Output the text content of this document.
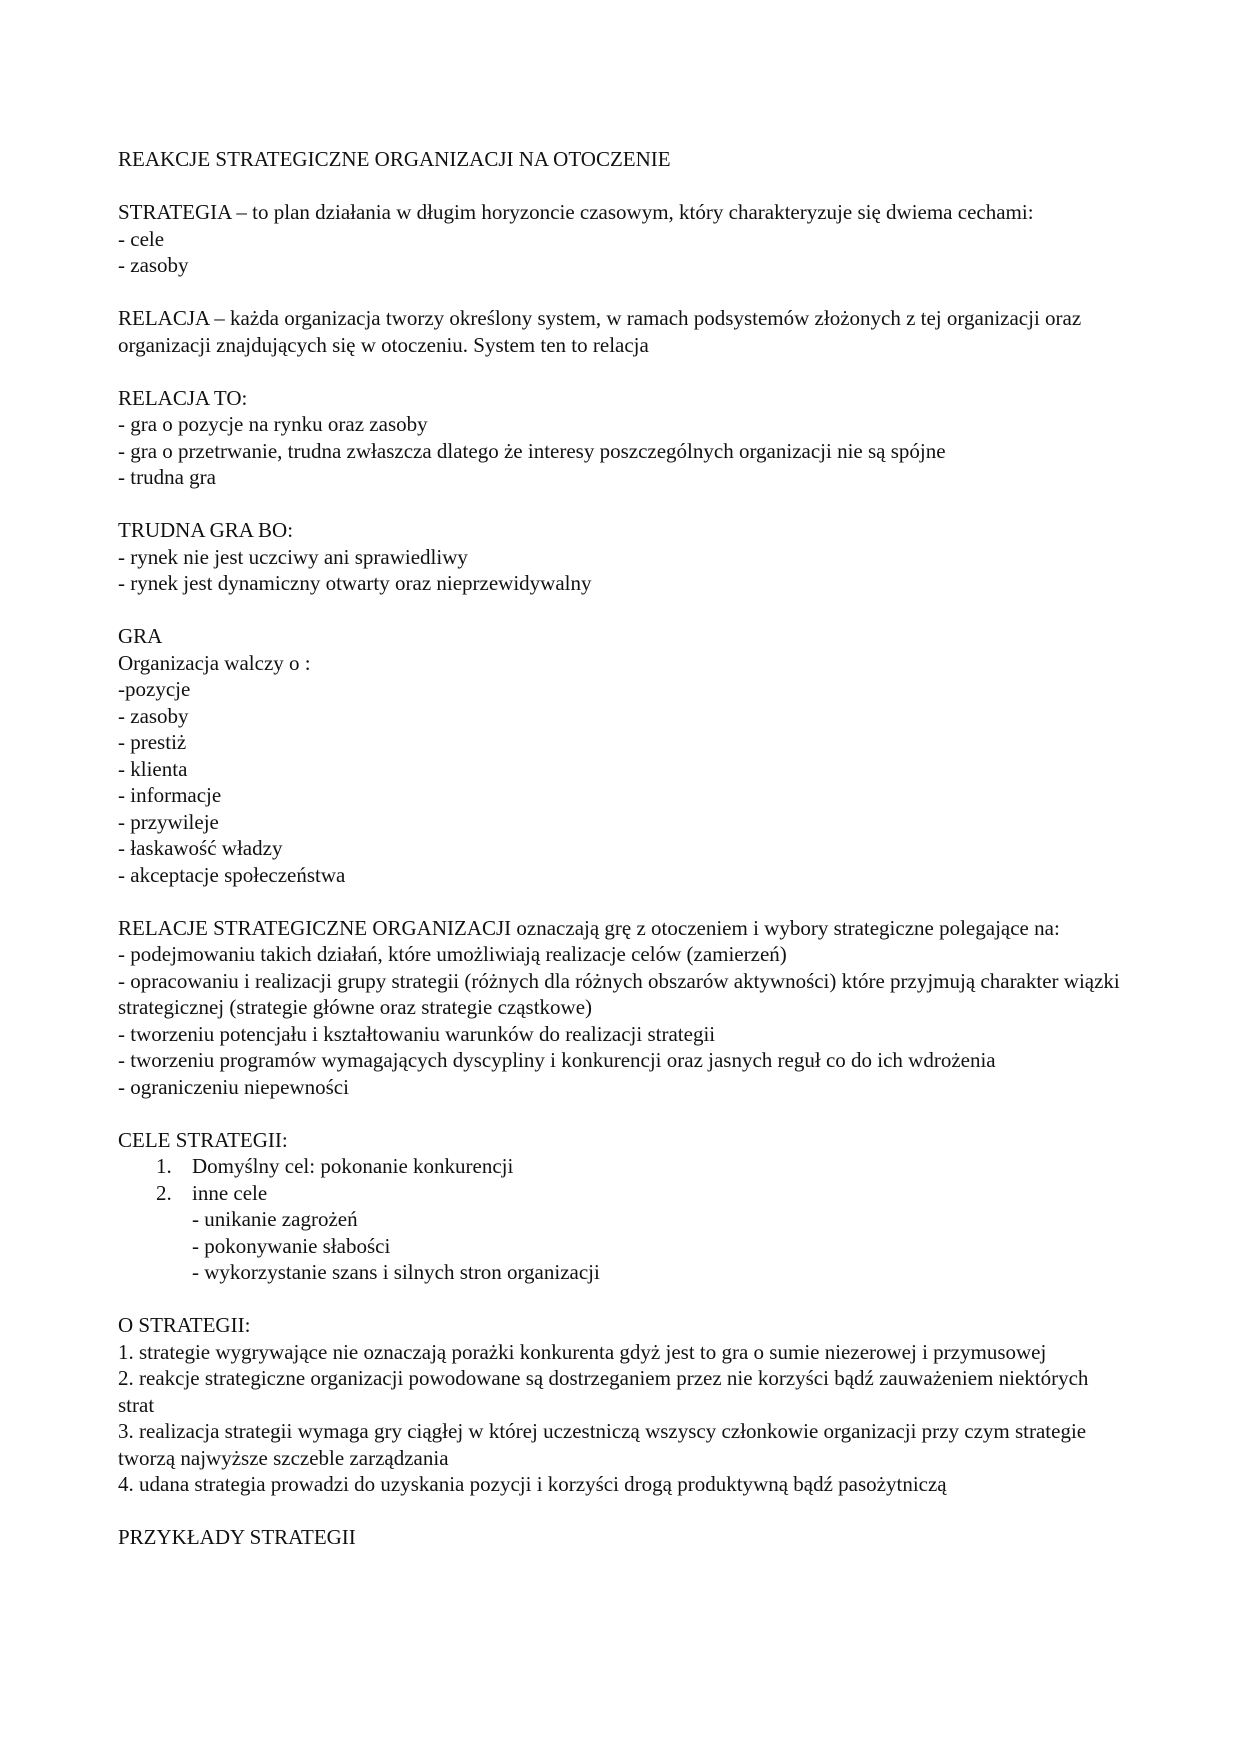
REAKCJE STRATEGICZNE ORGANIZACJI NA OTOCZENIE
STRATEGIA – to plan działania w długim horyzoncie czasowym, który charakteryzuje się dwiema cechami:
- cele
- zasoby
RELACJA – każda organizacja tworzy określony system, w ramach podsystemów złożonych z tej organizacji oraz organizacji znajdujących się w otoczeniu. System ten to relacja
RELACJA TO:
- gra o pozycje na rynku oraz zasoby
- gra o przetrwanie, trudna zwłaszcza dlatego że interesy poszczególnych organizacji nie są spójne
- trudna gra
TRUDNA GRA BO:
- rynek nie jest uczciwy ani sprawiedliwy
- rynek jest dynamiczny otwarty oraz nieprzewidywalny
GRA
Organizacja walczy o :
-pozycje
- zasoby
- prestiż
- klienta
- informacje
- przywileje
- łaskawość władzy
- akceptacje społeczeństwa
RELACJE STRATEGICZNE ORGANIZACJI oznaczają grę z otoczeniem i wybory strategiczne polegające na:
- podejmowaniu takich działań, które umożliwiają realizacje celów (zamierzeń)
- opracowaniu i realizacji grupy strategii (różnych dla różnych obszarów aktywności) które przyjmują charakter wiązki strategicznej (strategie główne oraz strategie cząstkowe)
- tworzeniu potencjału i kształtowaniu warunków do realizacji strategii
- tworzeniu programów wymagających dyscypliny i konkurencji oraz jasnych reguł co do ich wdrożenia
- ograniczeniu niepewności
CELE STRATEGII:
1. Domyślny cel: pokonanie konkurencji
2. inne cele
- unikanie zagrożeń
- pokonywanie słabości
- wykorzystanie szans i silnych stron organizacji
O STRATEGII:
1. strategie wygrywające nie oznaczają porażki konkurenta gdyż jest to gra o sumie niezerowej i przymusowej
2. reakcje strategiczne organizacji powodowane są dostrzeganiem przez nie korzyści bądź zauważeniem niektórych strat
3. realizacja strategii wymaga gry ciągłej w której uczestniczą wszyscy członkowie organizacji przy czym strategie tworzą najwyższe szczeble zarządzania
4. udana strategia prowadzi do uzyskania pozycji i korzyści drogą produktywną bądź pasożytniczą
PRZYKŁADY STRATEGII
